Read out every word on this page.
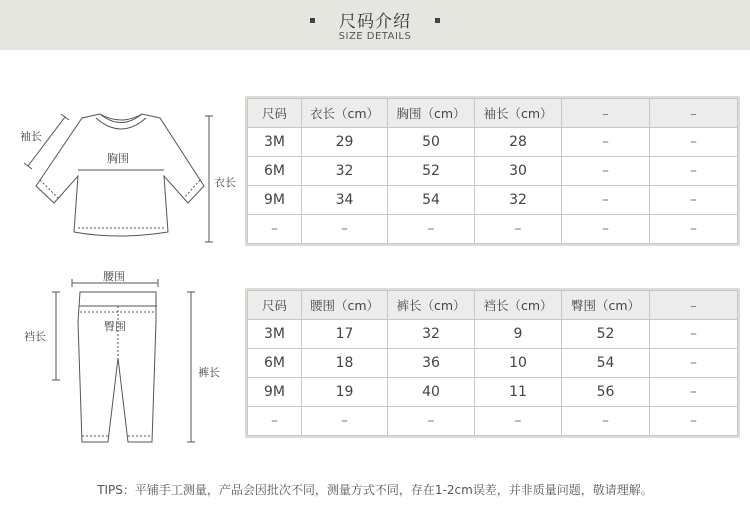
尺码介绍
SIZE DETAILS
袖长
胸围
衣长
腰围
裆长
臀围
裤长
尺码	衣长（cm）	胸围（cm）	袖长（cm）	–	–
3M	29	50	28	–	–
6M	32	52	30	–	–
9M	34	54	32	–	–
–	–	–	–	–	–
尺码	腰围（cm）	裤长（cm）	裆长（cm）	臀围（cm）	–
3M	17	32	9	52	–
6M	18	36	10	54	–
9M	19	40	11	56	–
–	–	–	–	–	–
TIPS：平铺手工测量，产品会因批次不同，测量方式不同，存在1-2cm误差，并非质量问题，敬请理解。
